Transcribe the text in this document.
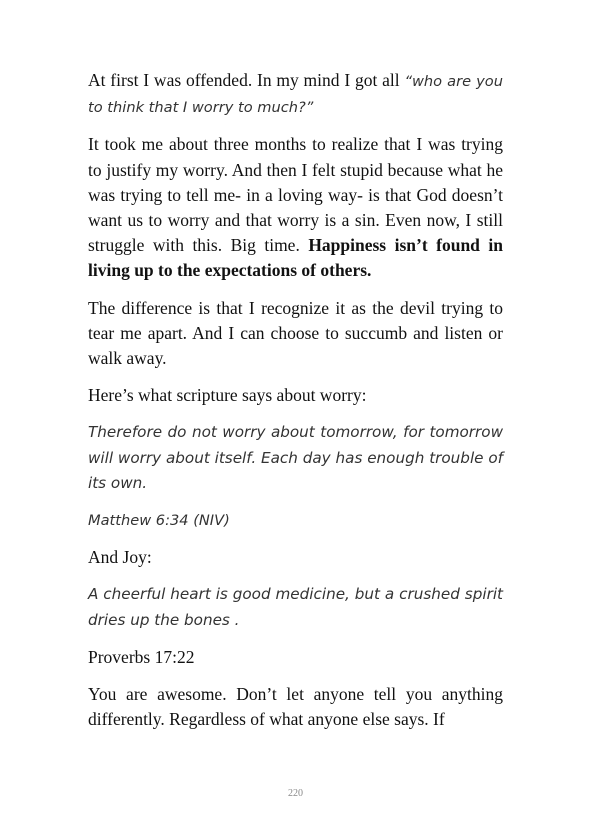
At first I was offended. In my mind I got all “who are you to think that I worry to much?”

It took me about three months to realize that I was trying to justify my worry. And then I felt stupid because what he was trying to tell me- in a loving way- is that God doesn’t want us to worry and that worry is a sin. Even now, I still struggle with this. Big time. Happiness isn’t found in living up to the expectations of others.

The difference is that I recognize it as the devil trying to tear me apart. And I can choose to succumb and listen or walk away.

Here’s what scripture says about worry:

Therefore do not worry about tomorrow, for tomorrow will worry about itself. Each day has enough trouble of its own.

Matthew 6:34 (NIV)

And Joy:

A cheerful heart is good medicine, but a crushed spirit dries up the bones .

Proverbs 17:22

You are awesome. Don’t let anyone tell you anything differently. Regardless of what anyone else says. If

220
